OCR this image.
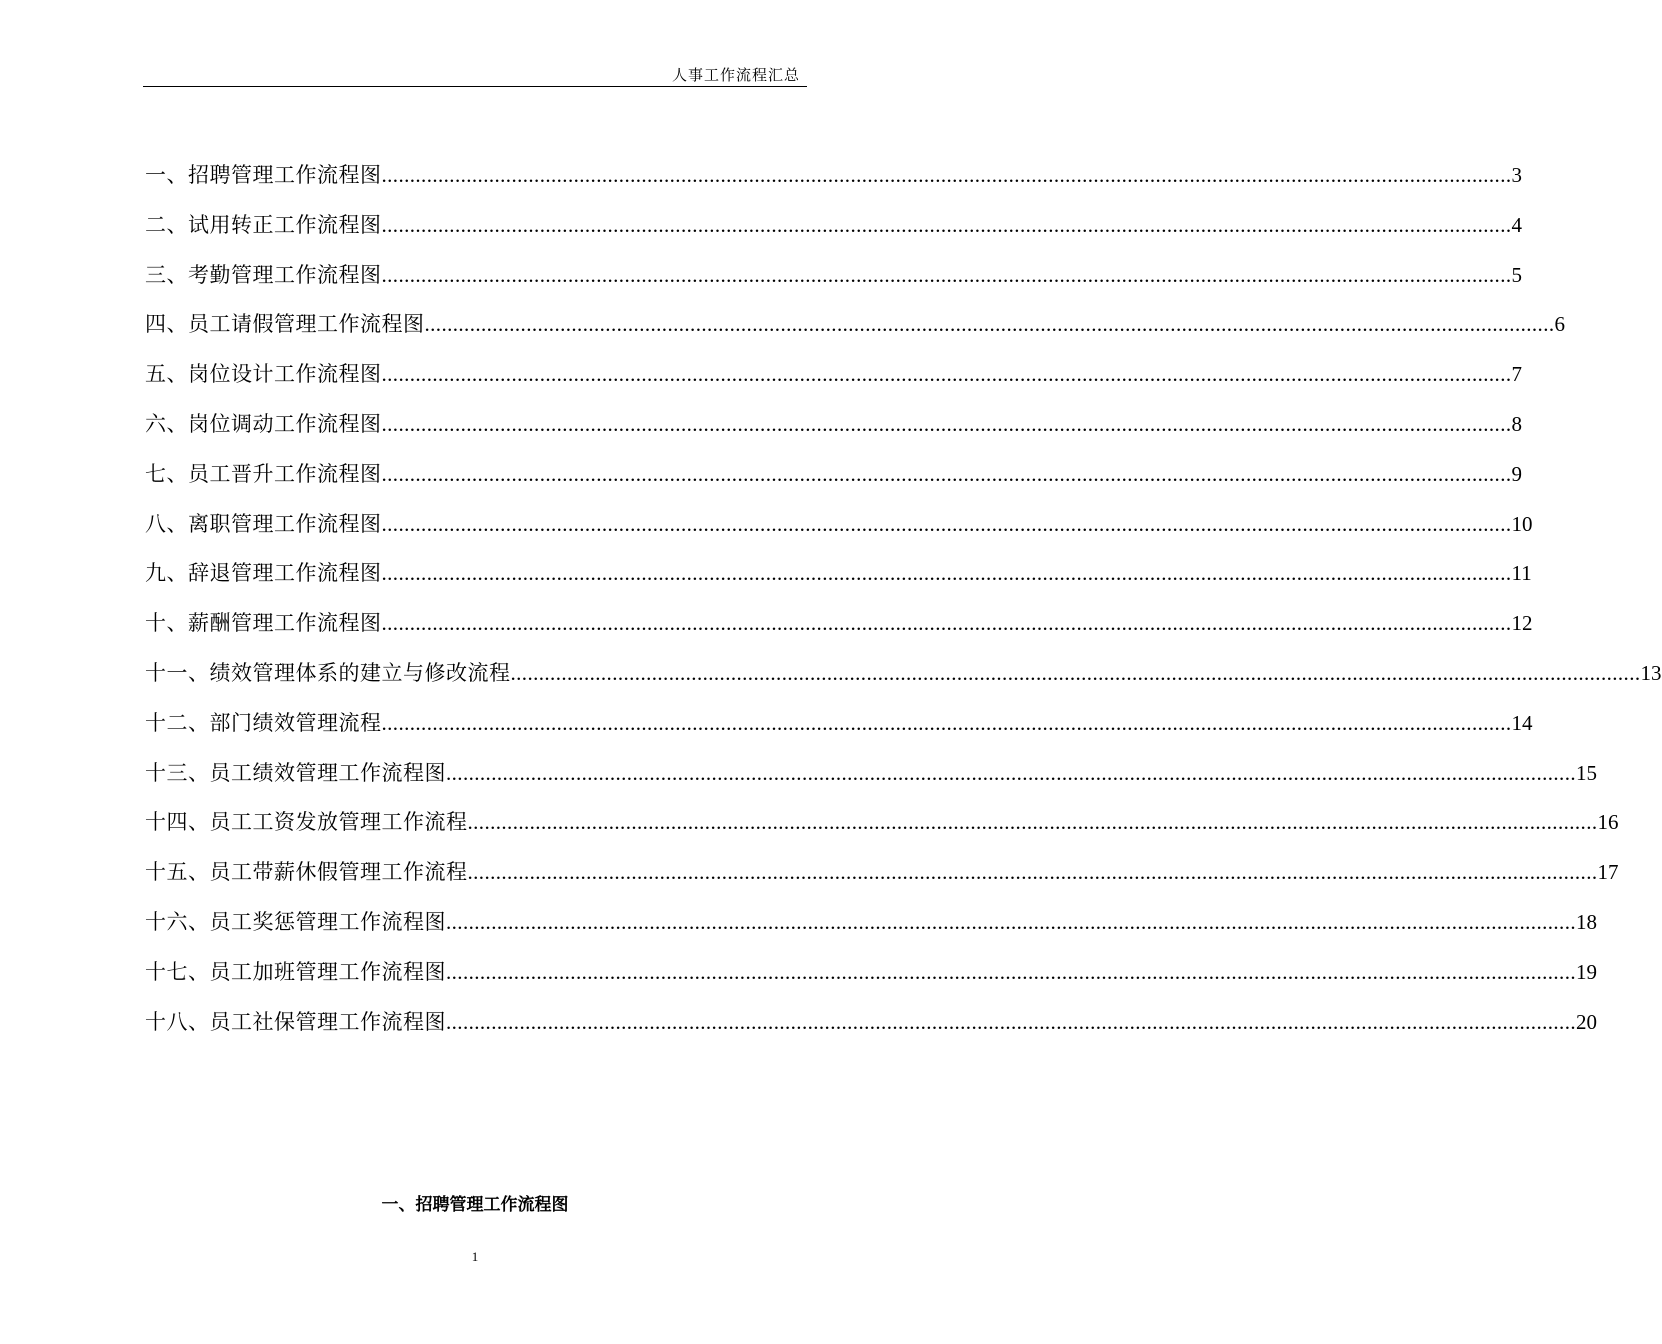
人事工作流程汇总
一、招聘管理工作流程图 ........................................................................................................................................................................................................ 3
二、试用转正工作流程图 ........................................................................................................................................................................................................ 4
三、考勤管理工作流程图 ........................................................................................................................................................................................................ 5
四、员工请假管理工作流程图 ........................................................................................................................................................................................................ 6
五、岗位设计工作流程图 ........................................................................................................................................................................................................ 7
六、岗位调动工作流程图 ........................................................................................................................................................................................................ 8
七、员工晋升工作流程图 ........................................................................................................................................................................................................ 9
八、离职管理工作流程图 ........................................................................................................................................................................................................ 10
九、辞退管理工作流程图 ........................................................................................................................................................................................................ 11
十、薪酬管理工作流程图 ........................................................................................................................................................................................................ 12
十一、绩效管理体系的建立与修改流程 ........................................................................................................................................................................................................ 13
十二、部门绩效管理流程 ........................................................................................................................................................................................................ 14
十三、员工绩效管理工作流程图 ........................................................................................................................................................................................................ 15
十四、员工工资发放管理工作流程 ........................................................................................................................................................................................................ 16
十五、员工带薪休假管理工作流程 ........................................................................................................................................................................................................ 17
十六、员工奖惩管理工作流程图 ........................................................................................................................................................................................................ 18
十七、员工加班管理工作流程图 ........................................................................................................................................................................................................ 19
十八、员工社保管理工作流程图 ........................................................................................................................................................................................................ 20
一、招聘管理工作流程图
1
